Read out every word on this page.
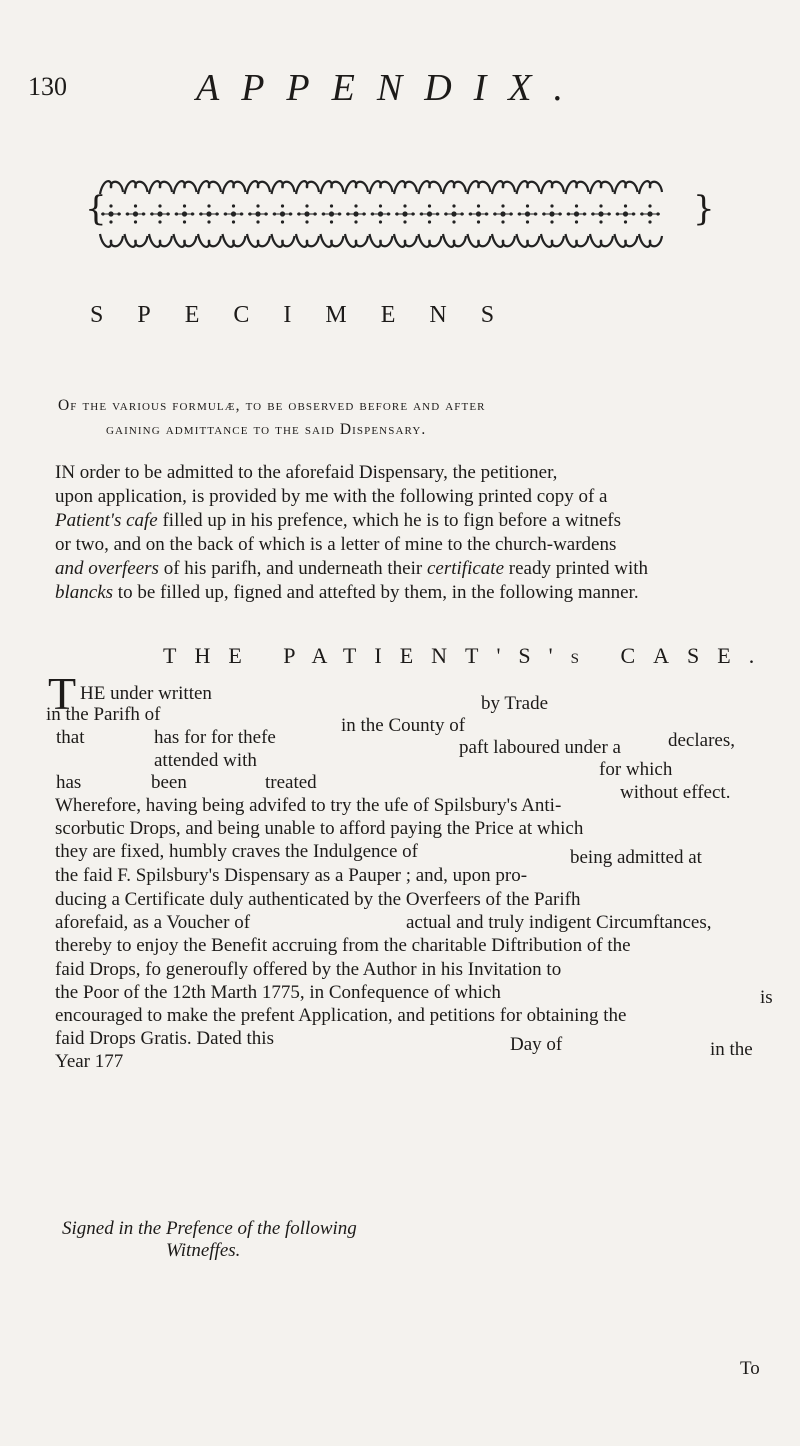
130	APPENDIX.
{	}
SPECIMENS
Of the various formulæ, to be observed before and after
gaining admittance to the said Dispensary.
IN order to be admitted to the aforefaid Dispensary, the petitioner,
upon application, is provided by me with the following printed copy of a
Patient's cafe filled up in his prefence, which he is to fign before a witnefs
or two, and on the back of which is a letter of mine to the church-wardens
and overfeers of his parifh, and underneath their certificate ready printed with
blancks to be filled up, figned and attefted by them, in the following manner.
THE PATIENT'S's CASE.
T HE under written	by Trade
in the Parifh of
in the County of
declares,
that	has for for thefe	paft laboured under a
attended with	for which
has	been	treated	without effect.
Wherefore, having being advifed to try the ufe of Spilsbury's Anti-
scorbutic Drops, and being unable to afford paying the Price at which
they are fixed, humbly craves the Indulgence of	being admitted at
the faid F. Spilsbury's Dispensary as a Pauper ; and, upon pro-
ducing a Certificate duly authenticated by the Overfeers of the Parifh
aforefaid, as a Voucher of	actual and truly indigent Circumftances,
thereby to enjoy the Benefit accruing from the charitable Diftribution of the
faid Drops, fo generoufly offered by the Author in his Invitation to
the Poor of the 12th Marth 1775, in Confequence of which	is
encouraged to make the prefent Application, and petitions for obtaining the
faid Drops Gratis. Dated this	Day of	in the
Year 177
Signed in the Prefence of the following
Witneffes.
To
